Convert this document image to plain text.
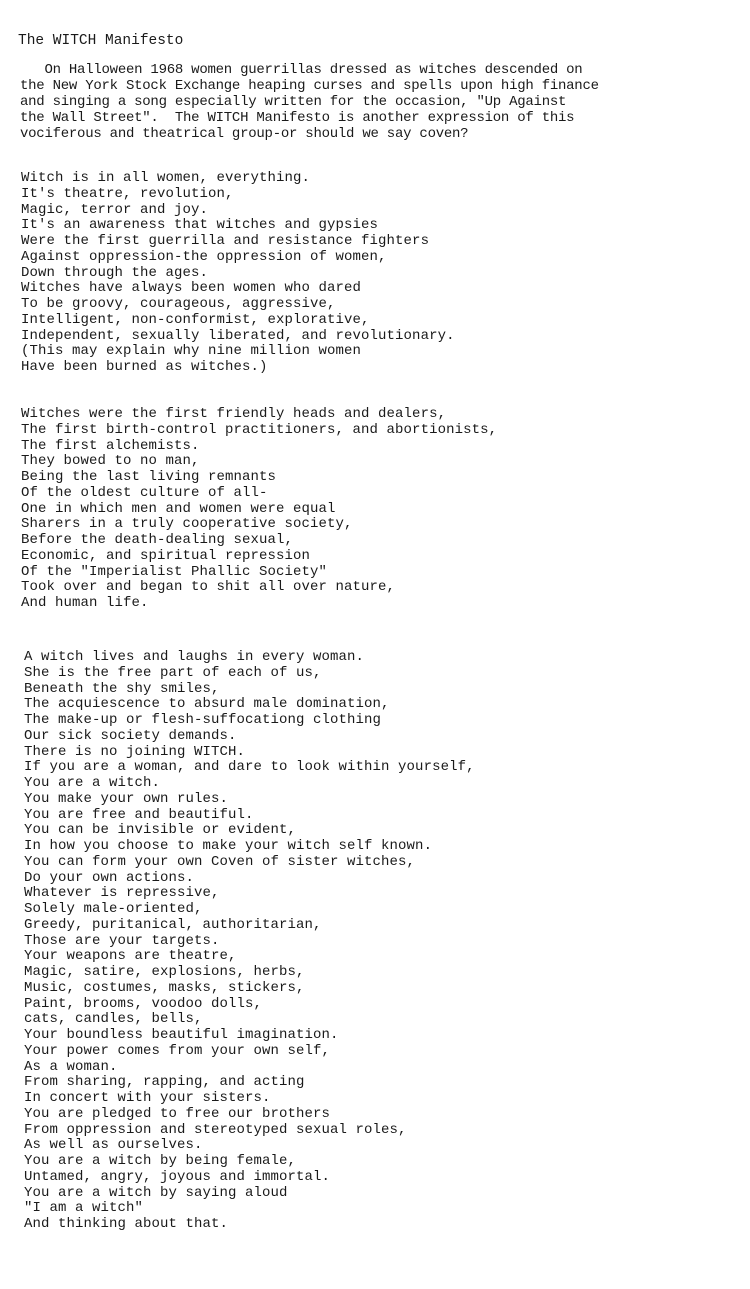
The WITCH Manifesto
On Halloween 1968 women guerrillas dressed as witches descended on
the New York Stock Exchange heaping curses and spells upon high finance
and singing a song especially written for the occasion, "Up Against
the Wall Street".  The WITCH Manifesto is another expression of this
vociferous and theatrical group-or should we say coven?
Witch is in all women, everything.
It's theatre, revolution,
Magic, terror and joy.
It's an awareness that witches and gypsies
Were the first guerrilla and resistance fighters
Against oppression-the oppression of women,
Down through the ages.
Witches have always been women who dared
To be groovy, courageous, aggressive,
Intelligent, non-conformist, explorative,
Independent, sexually liberated, and revolutionary.
(This may explain why nine million women
Have been burned as witches.)
Witches were the first friendly heads and dealers,
The first birth-control practitioners, and abortionists,
The first alchemists.
They bowed to no man,
Being the last living remnants
Of the oldest culture of all-
One in which men and women were equal
Sharers in a truly cooperative society,
Before the death-dealing sexual,
Economic, and spiritual repression
Of the "Imperialist Phallic Society"
Took over and began to shit all over nature,
And human life.
A witch lives and laughs in every woman.
She is the free part of each of us,
Beneath the shy smiles,
The acquiescence to absurd male domination,
The make-up or flesh-suffocationg clothing
Our sick society demands.
There is no joining WITCH.
If you are a woman, and dare to look within yourself,
You are a witch.
You make your own rules.
You are free and beautiful.
You can be invisible or evident,
In how you choose to make your witch self known.
You can form your own Coven of sister witches,
Do your own actions.
Whatever is repressive,
Solely male-oriented,
Greedy, puritanical, authoritarian,
Those are your targets.
Your weapons are theatre,
Magic, satire, explosions, herbs,
Music, costumes, masks, stickers,
Paint, brooms, voodoo dolls,
cats, candles, bells,
Your boundless beautiful imagination.
Your power comes from your own self,
As a woman.
From sharing, rapping, and acting
In concert with your sisters.
You are pledged to free our brothers
From oppression and stereotyped sexual roles,
As well as ourselves.
You are a witch by being female,
Untamed, angry, joyous and immortal.
You are a witch by saying aloud
"I am a witch"
And thinking about that.
